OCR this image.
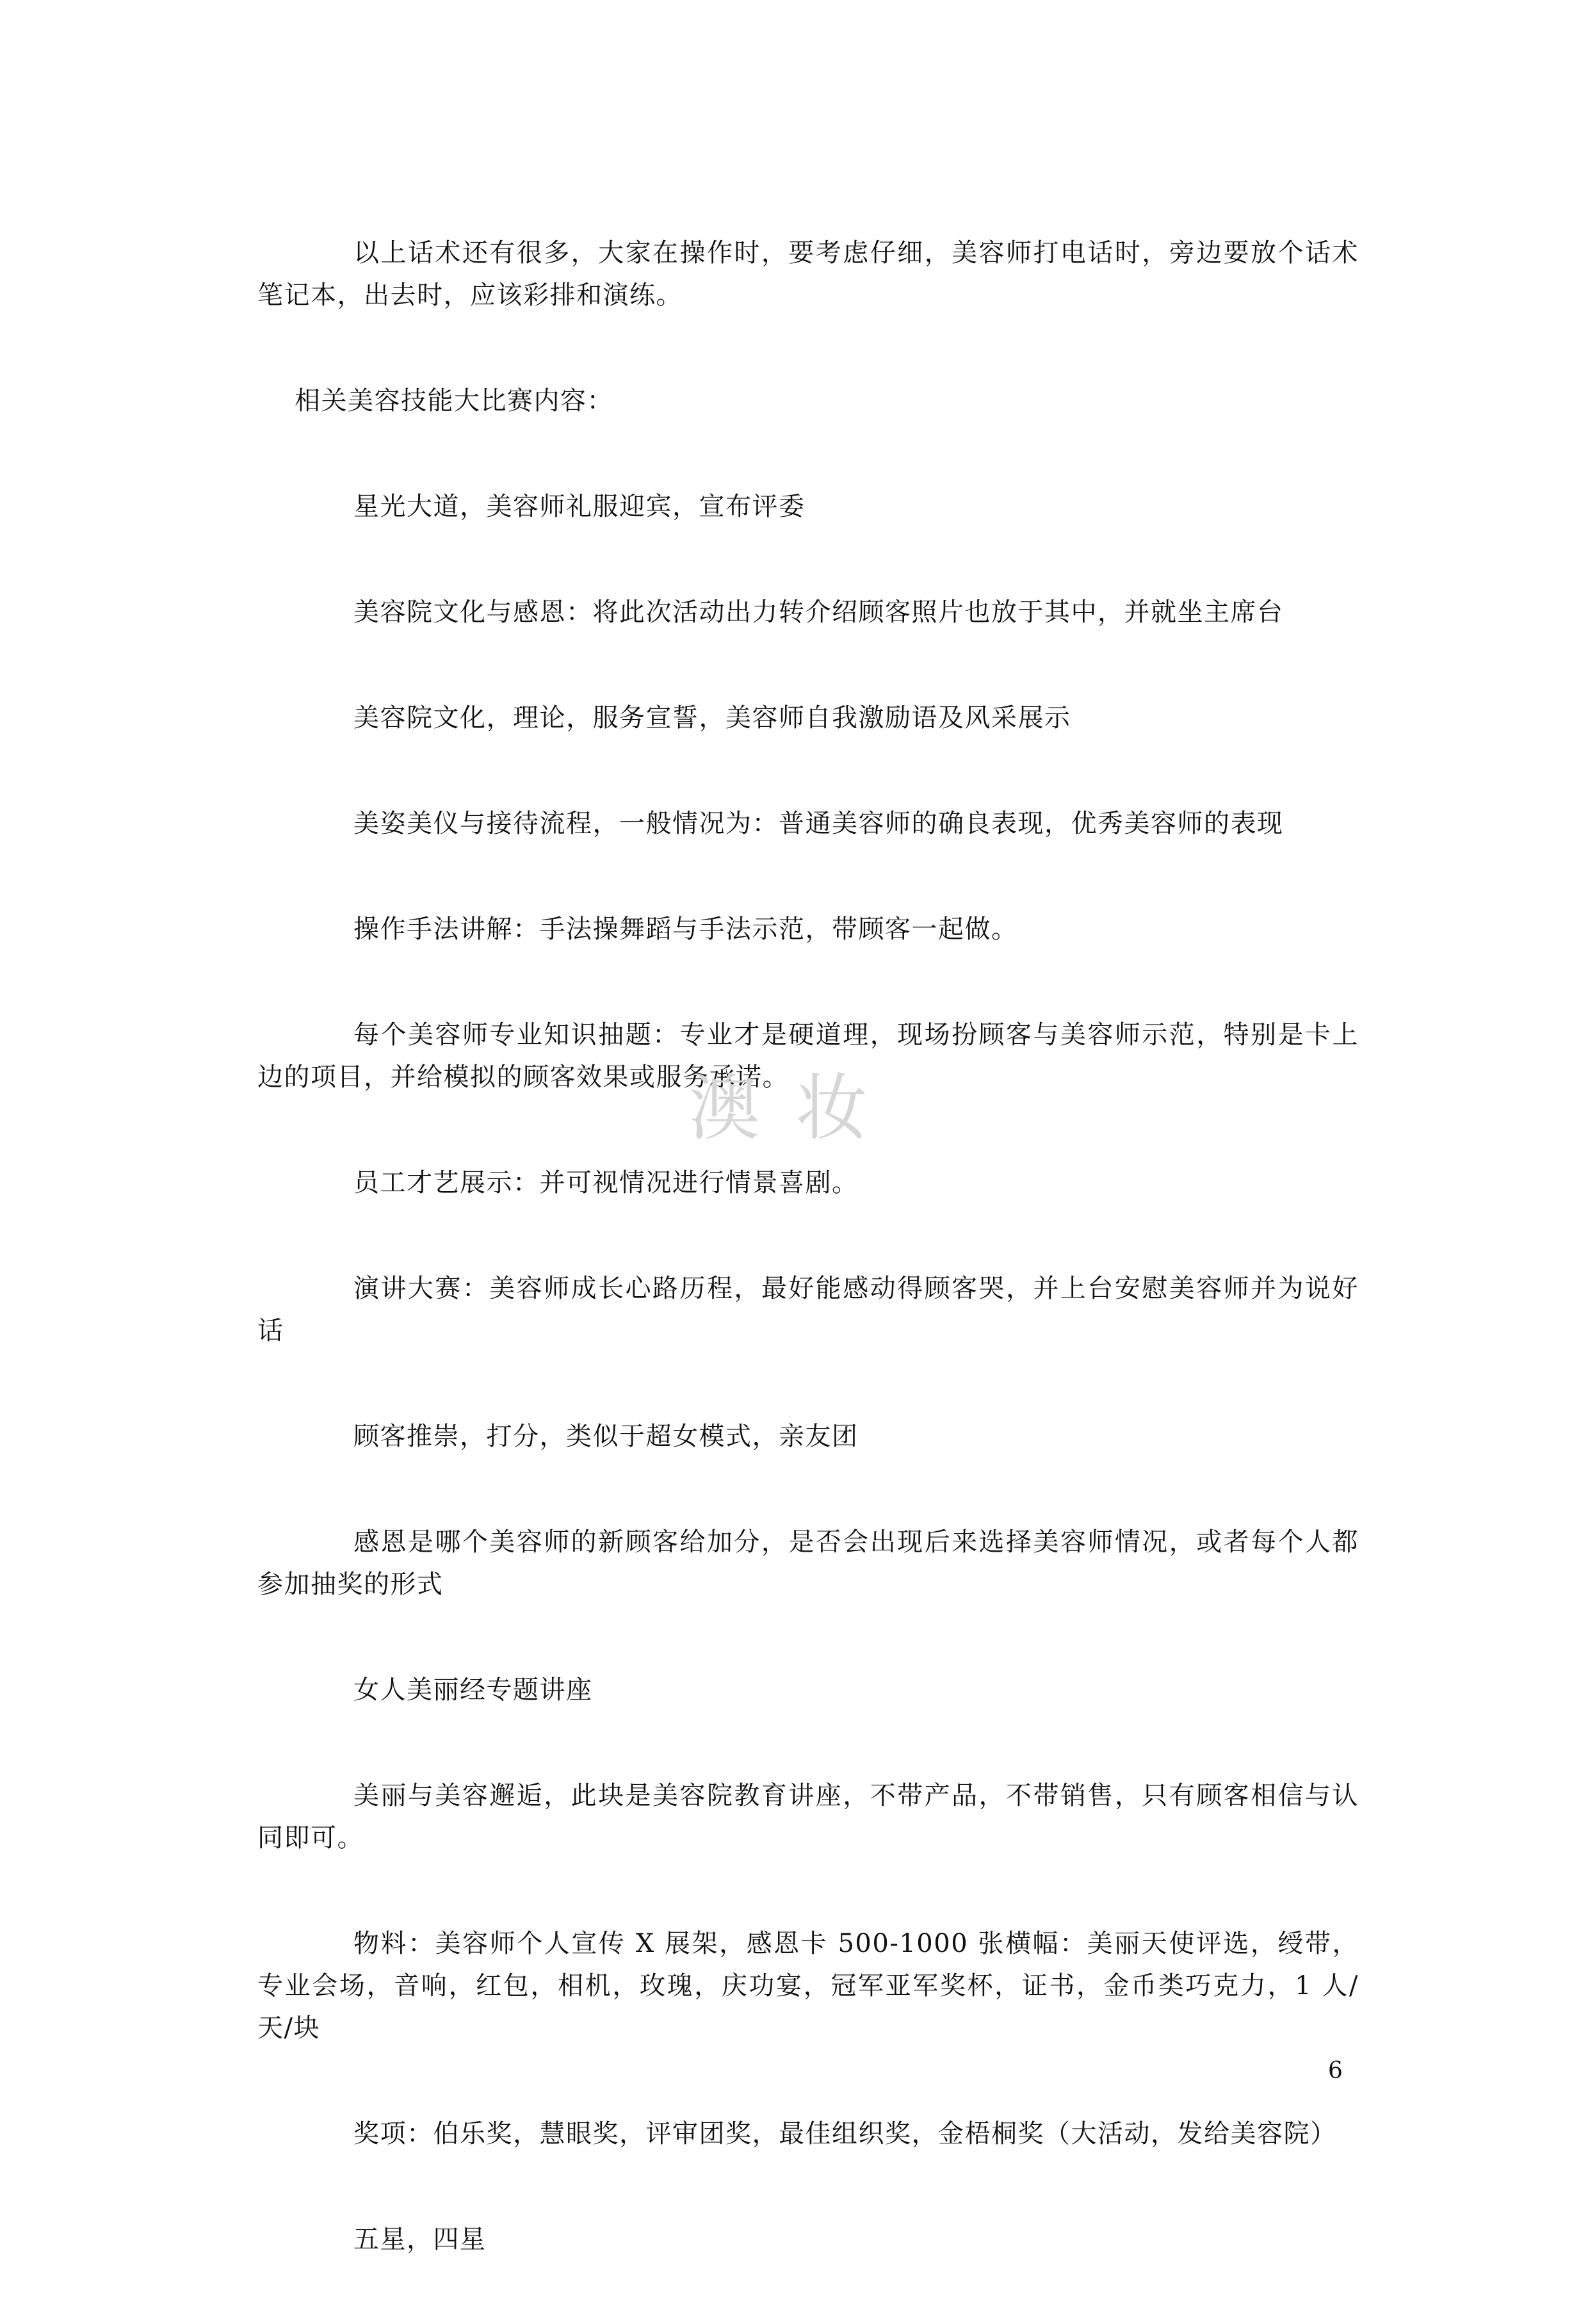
以上话术还有很多，大家在操作时，要考虑仔细，美容师打电话时，旁边要放个话术笔记本，出去时，应该彩排和演练。

相关美容技能大比赛内容：

星光大道，美容师礼服迎宾，宣布评委

美容院文化与感恩：将此次活动出力转介绍顾客照片也放于其中，并就坐主席台

美容院文化，理论，服务宣誓，美容师自我激励语及风采展示

美姿美仪与接待流程，一般情况为：普通美容师的确良表现，优秀美容师的表现

操作手法讲解：手法操舞蹈与手法示范，带顾客一起做。

每个美容师专业知识抽题：专业才是硬道理，现场扮顾客与美容师示范，特别是卡上边的项目，并给模拟的顾客效果或服务承诺。

员工才艺展示：并可视情况进行情景喜剧。

演讲大赛：美容师成长心路历程，最好能感动得顾客哭，并上台安慰美容师并为说好话

顾客推崇，打分，类似于超女模式，亲友团

感恩是哪个美容师的新顾客给加分，是否会出现后来选择美容师情况，或者每个人都参加抽奖的形式

女人美丽经专题讲座

美丽与美容邂逅，此块是美容院教育讲座，不带产品，不带销售，只有顾客相信与认同即可。

物料：美容师个人宣传 X 展架，感恩卡 500-1000 张横幅：美丽天使评选，绶带，专业会场，音响，红包，相机，玫瑰，庆功宴，冠军亚军奖杯，证书，金币类巧克力，1 人/天/块

奖项：伯乐奖，慧眼奖，评审团奖，最佳组织奖，金梧桐奖（大活动，发给美容院）

五星，四星

澳妆
6
